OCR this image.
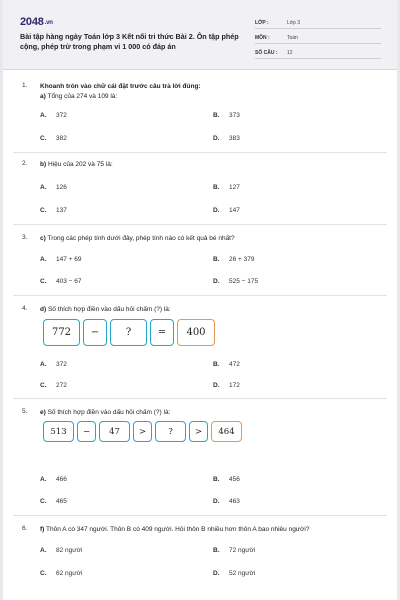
2048.vn
Bài tập hàng ngày Toán lớp 3 Kết nối tri thức Bài 2. Ôn tập phép cộng, phép trừ trong phạm vi 1 000 có đáp án
LỚP :	Lớp 3
MÔN :	Toán
SỐ CÂU :	12
1. Khoanh tròn vào chữ cái đặt trước câu trả lời đúng:
a) Tổng của 274 và 109 là:
A. 372	B. 373
C. 382	D. 383
2. b) Hiệu của 202 và 75 là:
A. 126	B. 127
C. 137	D. 147
3. c) Trong các phép tính dưới đây, phép tính nào có kết quả bé nhất?
A. 147 + 69	B. 26 + 379
C. 403 − 67	D. 525 − 175
4. d) Số thích hợp điền vào dấu hỏi chấm (?) là:
772	−	?	=	400
A. 372	B. 472
C. 272	D. 172
5. e) Số thích hợp điền vào dấu hỏi chấm (?) là:
513	−	47	>	?	>	464
A. 466	B. 456
C. 465	D. 463
6. f) Thôn A có 347 người. Thôn B có 409 người. Hỏi thôn B nhiều hơn thôn A bao nhiêu người?
A. 82 người	B. 72 người
C. 62 người	D. 52 người
